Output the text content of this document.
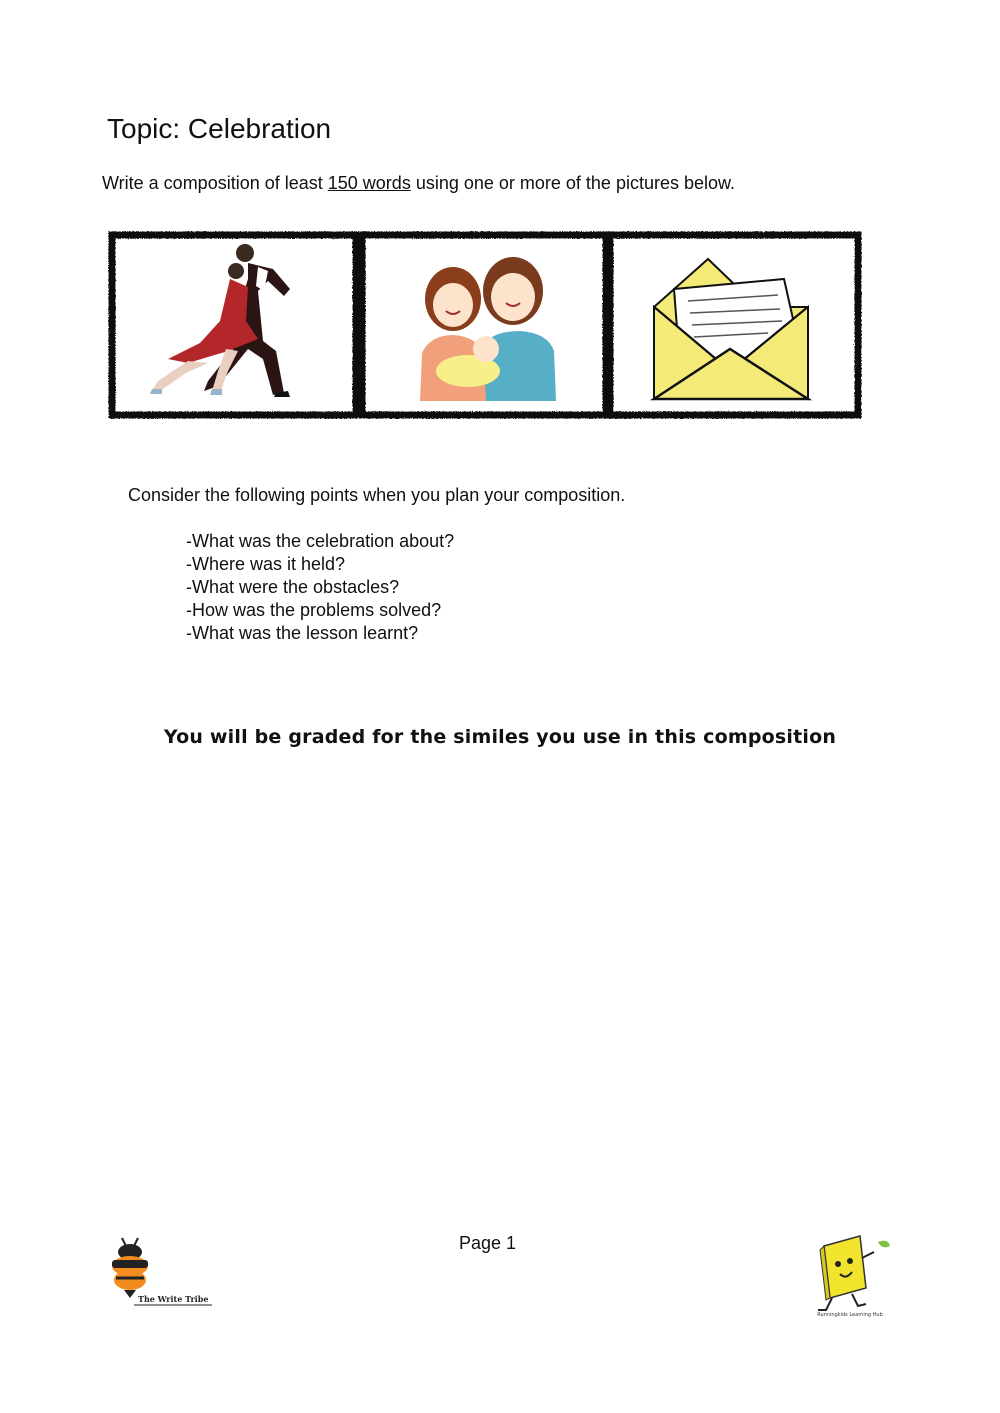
Topic: Celebration
Write a composition of least 150 words using one or more of the pictures below.
Consider the following points when you plan your composition.
-What was the celebration about?
-Where was it held?
-What were the obstacles?
-How was the problems solved?
-What was the lesson learnt?
You will be graded for the similes you use in this composition
Page 1
The Write Tribe
Runningkids Learning Hub
